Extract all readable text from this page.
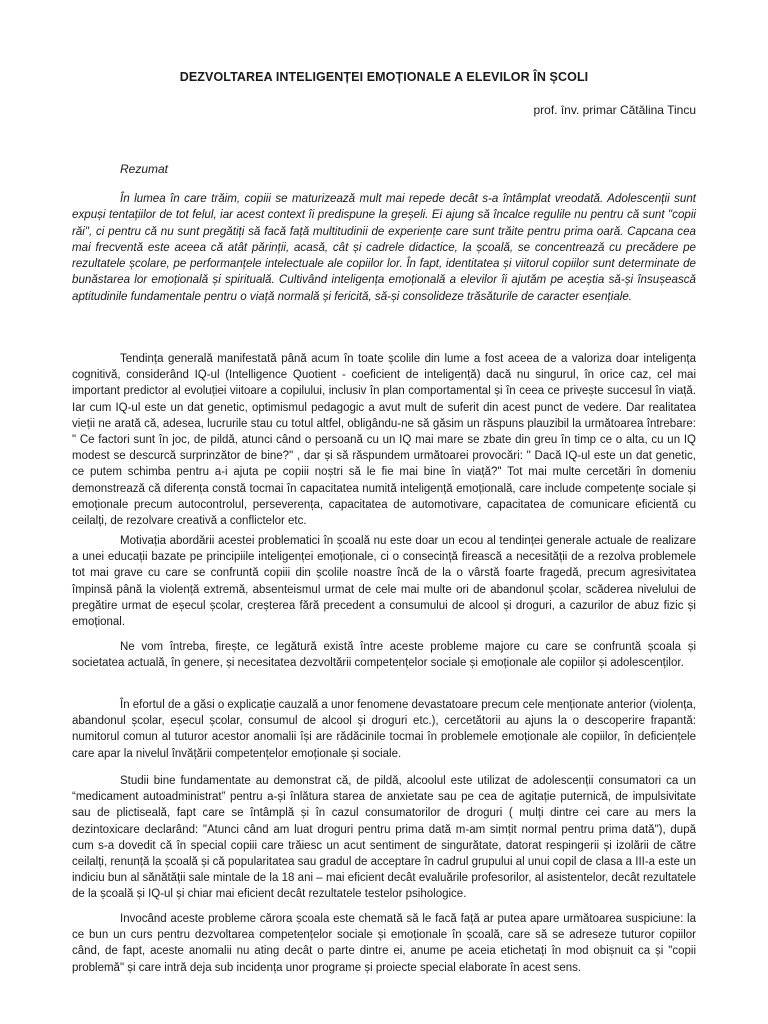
DEZVOLTAREA INTELIGENȚEI EMOȚIONALE A ELEVILOR ÎN ȘCOLI
prof. înv. primar Cătălina Tincu
Rezumat

În lumea în care trăim, copiii se maturizează mult mai repede decât s-a întâmplat vreodată. Adolescenții sunt expuși tentațiilor de tot felul, iar acest context îi predispune la greșeli. Ei ajung să încalce regulile nu pentru că sunt "copii răi", ci pentru că nu sunt pregătiți să facă față multitudinii de experiențe care sunt trăite pentru prima oară. Capcana cea mai frecventă este aceea că atât părinții, acasă, cât și cadrele didactice, la școală, se concentrează cu precădere pe rezultatele școlare, pe performanțele intelectuale ale copiilor lor. În fapt, identitatea și viitorul copiilor sunt determinate de bunăstarea lor emoțională și spirituală. Cultivând inteligența emoțională a elevilor îi ajutăm pe aceștia să-și însușească aptitudinile fundamentale pentru o viață normală și fericită, să-și consolideze trăsăturile de caracter esențiale.

Tendința generală manifestată până acum în toate școlile din lume a fost aceea de a valoriza doar inteligența cognitivă, considerând IQ-ul (Intelligence Quotient - coeficient de inteligență) dacă nu singurul, în orice caz, cel mai important predictor al evoluției viitoare a copilului, inclusiv în plan comportamental și în ceea ce privește succesul în viață. Iar cum IQ-ul este un dat genetic, optimismul pedagogic a avut mult de suferit din acest punct de vedere. Dar realitatea vieții ne arată că, adesea, lucrurile stau cu totul altfel, obligându-ne să găsim un răspuns plauzibil la următoarea întrebare: " Ce factori sunt în joc, de pildă, atunci când o persoană cu un IQ mai mare se zbate din greu în timp ce o alta, cu un IQ modest se descurcă surprinzător de bine?" , dar și să răspundem următoarei provocări: " Dacă IQ-ul este un dat genetic, ce putem schimba pentru a-i ajuta pe copiii noștri să le fie mai bine în viață?" Tot mai multe cercetări în domeniu demonstrează că diferența constă tocmai în capacitatea numită inteligență emoțională, care include competențe sociale și emoționale precum autocontrolul, perseverența, capacitatea de automotivare, capacitatea de comunicare eficientă cu ceilalți, de rezolvare creativă a conflictelor etc.

Motivația abordării acestei problematici în școală nu este doar un ecou al tendinței generale actuale de realizare a unei educații bazate pe principiile inteligenței emoționale, ci o consecință firească a necesității de a rezolva problemele tot mai grave cu care se confruntă copiii din școlile noastre încă de la o vârstă foarte fragedă, precum agresivitatea împinsă până la violență extremă, absenteismul urmat de cele mai multe ori de abandonul școlar, scăderea nivelului de pregătire urmat de eșecul școlar, creșterea fără precedent a consumului de alcool și droguri, a cazurilor de abuz fizic și emoțional.

Ne vom întreba, firește, ce legătură există între aceste probleme majore cu care se confruntă școala și societatea actuală, în genere, și necesitatea dezvoltării competențelor sociale și emoționale ale copiilor și adolescenților.

În efortul de a găsi o explicație cauzală a unor fenomene devastatoare precum cele menționate anterior (violența, abandonul școlar, eșecul școlar, consumul de alcool și droguri etc.), cercetătorii au ajuns la o descoperire frapantă: numitorul comun al tuturor acestor anomalii își are rădăcinile tocmai în problemele emoționale ale copiilor, în deficiențele care apar la nivelul învățării competențelor emoționale și sociale.

Studii bine fundamentate au demonstrat că, de pildă, alcoolul este utilizat de adolescenții consumatori ca un “medicament autoadministrat” pentru a-și înlătura starea de anxietate sau pe cea de agitație puternică, de impulsivitate sau de plictiseală, fapt care se întâmplă și în cazul consumatorilor de droguri ( mulți dintre cei care au mers la dezintoxicare declarând: "Atunci când am luat droguri pentru prima dată m-am simțit normal pentru prima dată"), după cum s-a dovedit că în special copiii care trăiesc un acut sentiment de singurătate, datorat respingerii și izolării de către ceilalți, renunță la școală și că popularitatea sau gradul de acceptare în cadrul grupului al unui copil de clasa a III-a este un indiciu bun al sănătății sale mintale de la 18 ani – mai eficient decât evaluările profesorilor, al asistentelor, decât rezultatele de la școală și IQ-ul și chiar mai eficient decât rezultatele testelor psihologice.

Invocând aceste probleme cărora școala este chemată să le facă față ar putea apare următoarea suspiciune: la ce bun un curs pentru dezvoltarea competențelor sociale și emoționale în școală, care să se adreseze tuturor copiilor când, de fapt, aceste anomalii nu ating decât o parte dintre ei, anume pe aceia etichetați în mod obișnuit ca și "copii problemă" și care intră deja sub incidența unor programe și proiecte special elaborate în acest sens.
